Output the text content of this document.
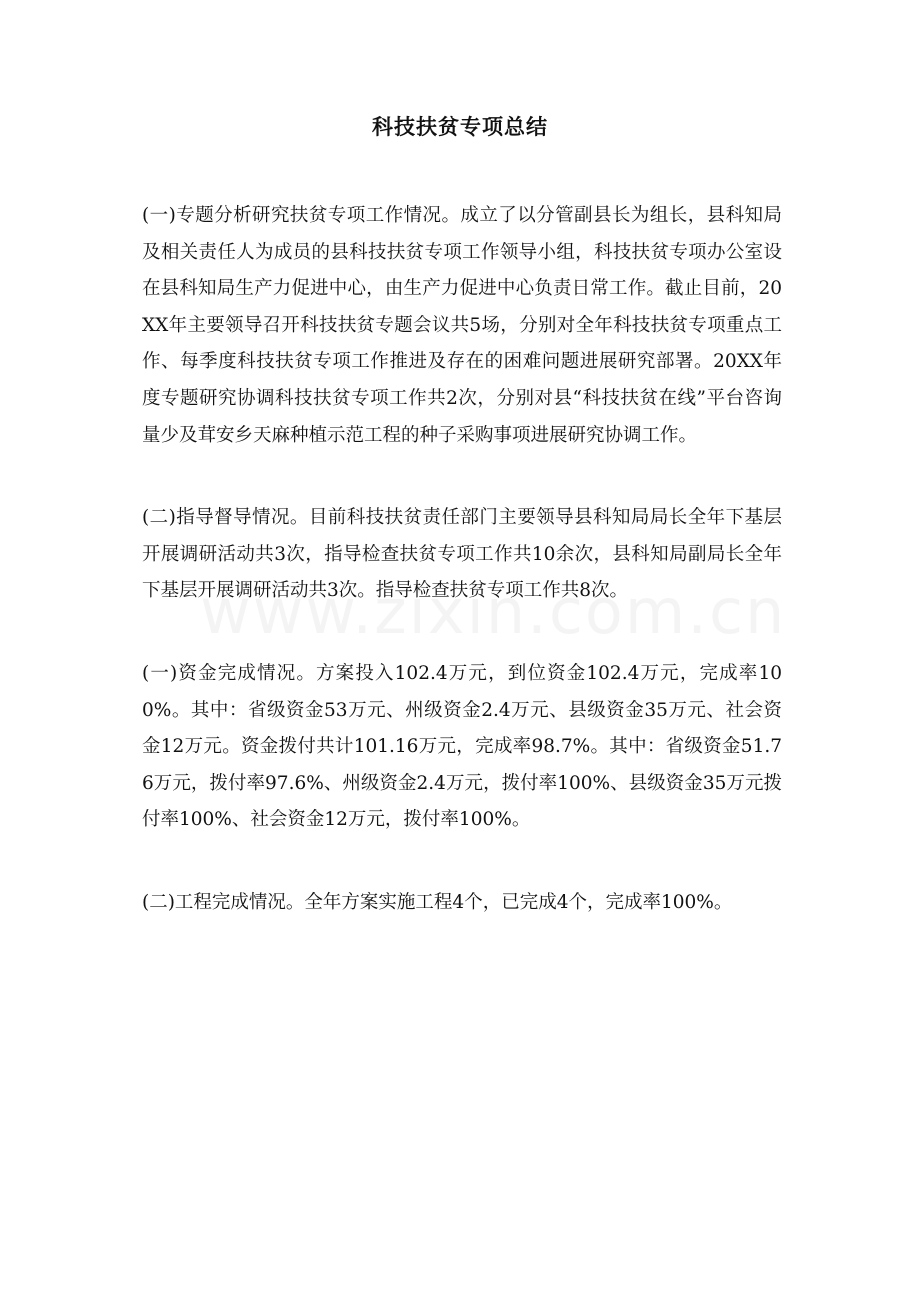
科技扶贫专项总结

(一)专题分析研究扶贫专项工作情况。成立了以分管副县长为组长，县科知局及相关责任人为成员的县科技扶贫专项工作领导小组，科技扶贫专项办公室设在县科知局生产力促进中心，由生产力促进中心负责日常工作。截止目前，20XX年主要领导召开科技扶贫专题会议共5场，分别对全年科技扶贫专项重点工作、每季度科技扶贫专项工作推进及存在的困难问题进展研究部署。20XX年度专题研究协调科技扶贫专项工作共2次，分别对县“科技扶贫在线”平台咨询量少及茸安乡天麻种植示范工程的种子采购事项进展研究协调工作。

(二)指导督导情况。目前科技扶贫责任部门主要领导县科知局局长全年下基层开展调研活动共3次，指导检查扶贫专项工作共10余次，县科知局副局长全年下基层开展调研活动共3次。指导检查扶贫专项工作共8次。

(一)资金完成情况。方案投入102.4万元，到位资金102.4万元，完成率100%。其中：省级资金53万元、州级资金2.4万元、县级资金35万元、社会资金12万元。资金拨付共计101.16万元，完成率98.7%。其中：省级资金51.76万元，拨付率97.6%、州级资金2.4万元，拨付率100%、县级资金35万元拨付率100%、社会资金12万元，拨付率100%。

(二)工程完成情况。全年方案实施工程4个，已完成4个，完成率100%。
